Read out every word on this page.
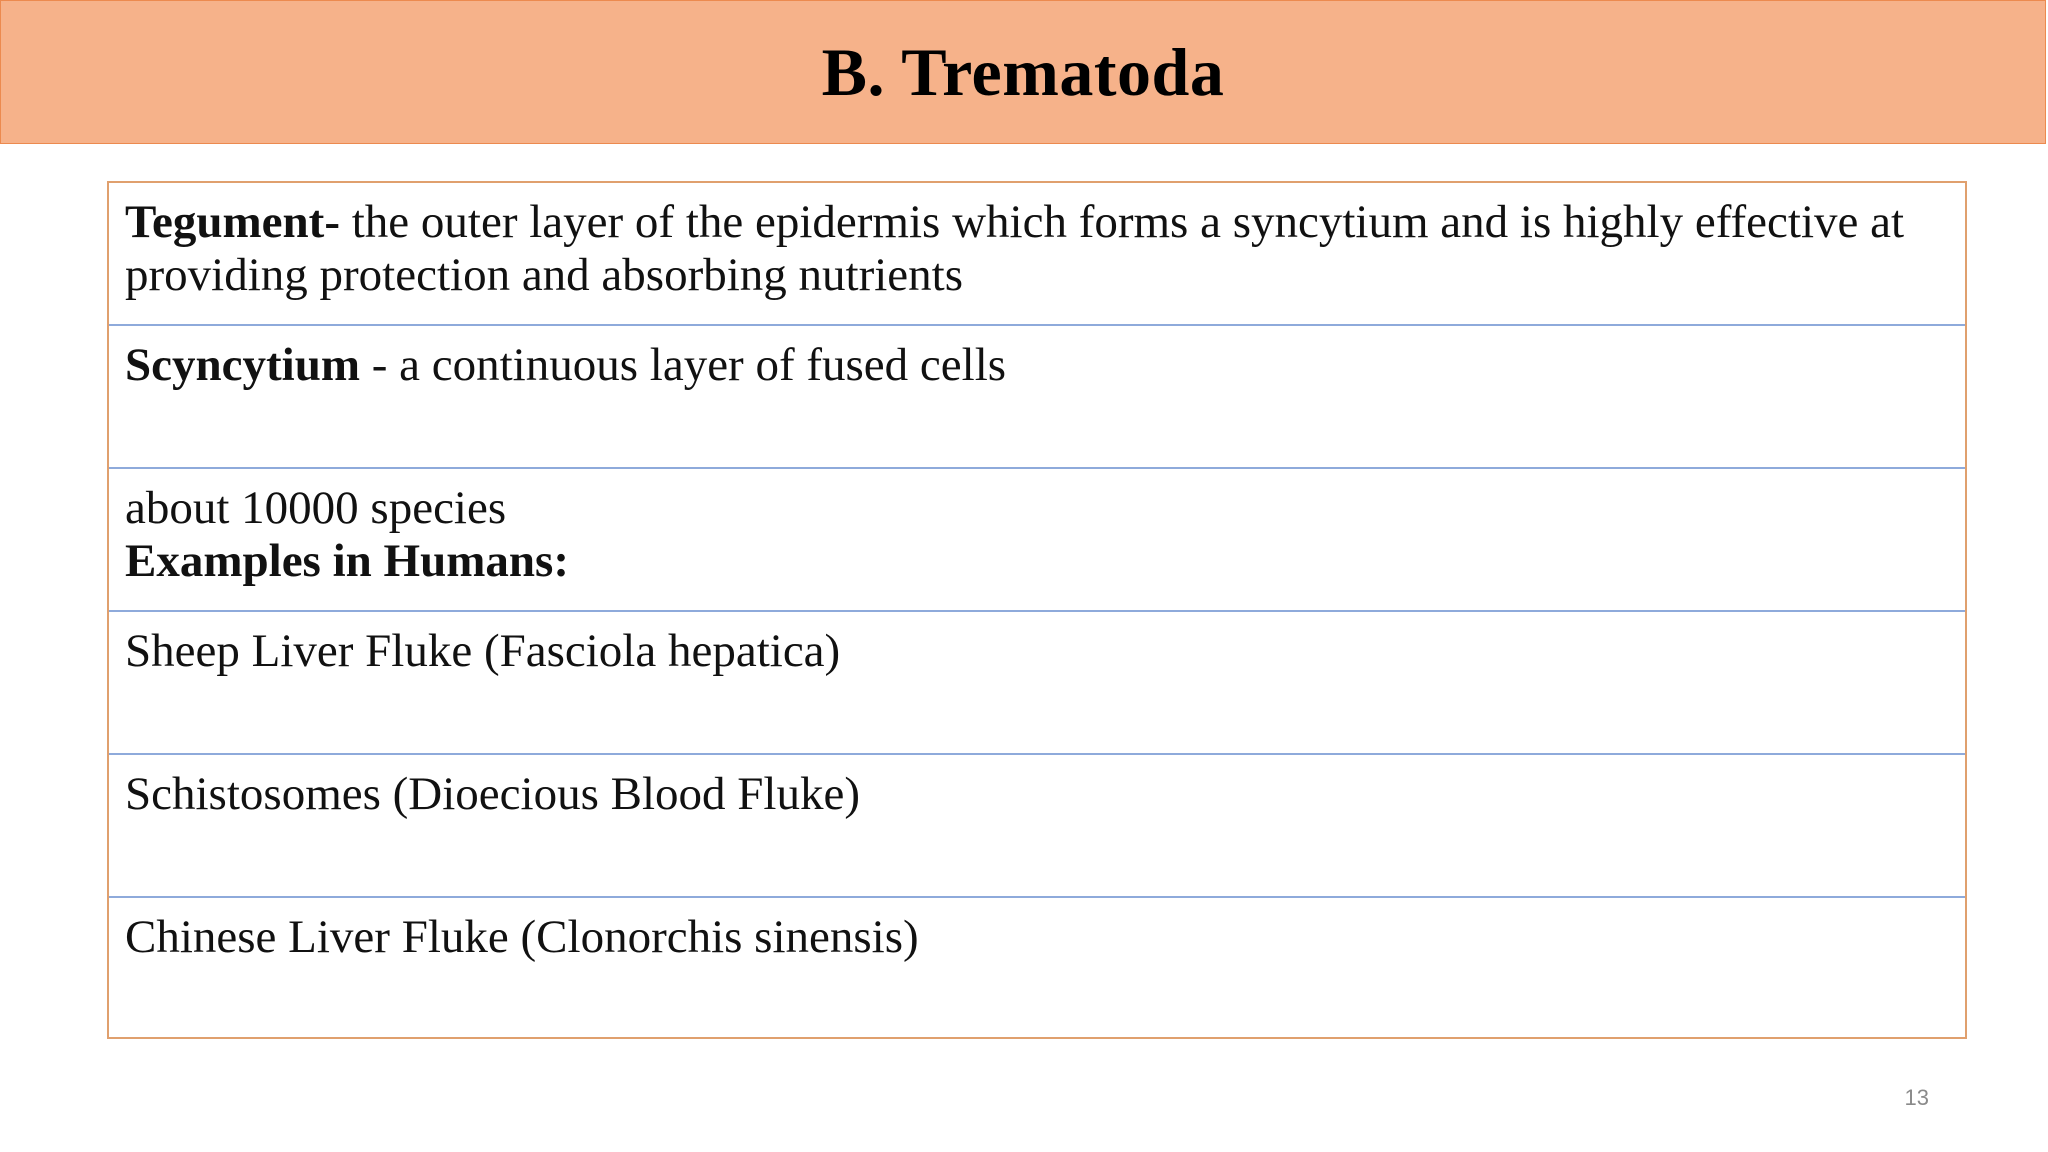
B. Trematoda
Tegument- the outer layer of the epidermis which forms a syncytium and is highly effective at providing protection and absorbing nutrients
Scyncytium - a continuous layer of fused cells
about 10000 species
Examples in Humans:
Sheep Liver Fluke (Fasciola hepatica)
Schistosomes (Dioecious Blood Fluke)
Chinese Liver Fluke (Clonorchis sinensis)
13
